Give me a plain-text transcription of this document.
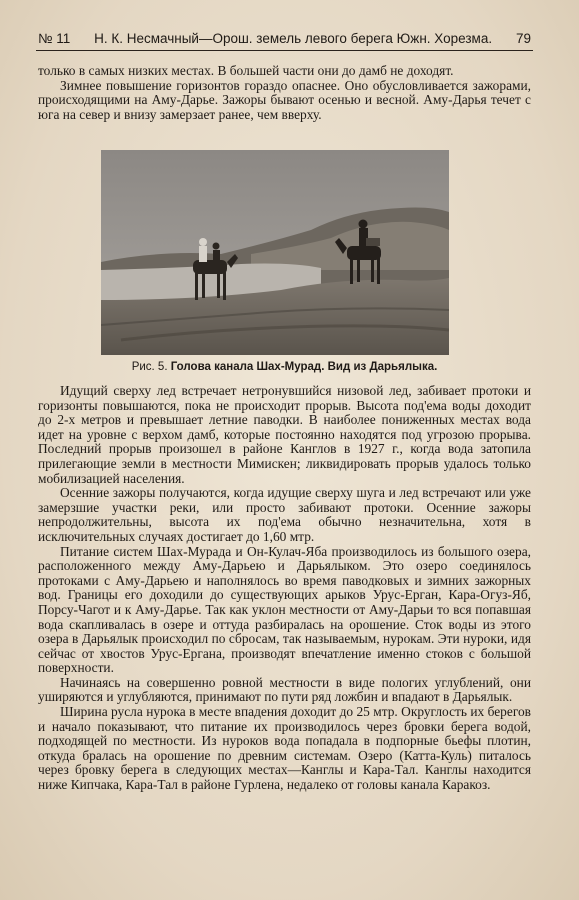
№ 11 Н. К. Несмачный—Орош. земель левого берега Южн. Хорезма. 79

только в самых низких местах. В большей части они до дамб не доходят.

Зимнее повышение горизонтов гораздо опаснее. Оно обусловливается зажорами, происходящими на Аму-Дарье. Зажоры бывают осенью и весной. Аму-Дарья течет с юга на север и внизу замерзает ранее, чем вверху.

Рис. 5. Голова канала Шах-Мурад. Вид из Дарьялыка.

Идущий сверху лед встречает нетронувшийся низовой лед, забивает протоки и горизонты повышаются, пока не происходит прорыв. Высота под'ема воды доходит до 2-х метров и превышает летние паводки. В наиболее пониженных местах вода идет на уровне с верхом дамб, которые постоянно находятся под угрозою прорыва. Последний прорыв произошел в районе Канглов в 1927 г., когда вода затопила прилегающие земли в местности Мимискен; ликвидировать прорыв удалось только мобилизацией населения.

Осенние зажоры получаются, когда идущие сверху шуга и лед встречают или уже замерзшие участки реки, или просто забивают протоки. Осенние зажоры непродолжительны, высота их под'ема обычно незначительна, хотя в исключительных случаях достигает до 1,60 мтр.

Питание систем Шах-Мурада и Он-Кулач-Яба производилось из большого озера, расположенного между Аму-Дарьею и Дарьялыком. Это озеро соединялось протоками с Аму-Дарьею и наполнялось во время паводковых и зимних зажорных вод. Границы его доходили до существующих арыков Урус-Ерган, Кара-Огуз-Яб, Порсу-Чагот и к Аму-Дарье. Так как уклон местности от Аму-Дарьи то вся попавшая вода скапливалась в озере и оттуда разбиралась на орошение. Сток воды из этого озера в Дарьялык происходил по сбросам, так называемым, нурокам. Эти нуроки, идя сейчас от хвостов Урус-Ергана, производят впечатление именно стоков с большой поверхности.

Начинаясь на совершенно ровной местности в виде пологих углублений, они уширяются и углубляются, принимают по пути ряд ложбин и впадают в Дарьялык.

Ширина русла нурока в месте впадения доходит до 25 мтр. Округлость их берегов и начало показывают, что питание их производилось через бровки берега водой, подходящей по местности. Из нуроков вода попадала в подпорные бьефы плотин, откуда бралась на орошение по древним системам. Озеро (Катта-Куль) питалось через бровку берега в следующих местах—Канглы и Кара-Тал. Канглы находится ниже Кипчака, Кара-Тал в районе Гурлена, недалеко от головы канала Каракоз.
